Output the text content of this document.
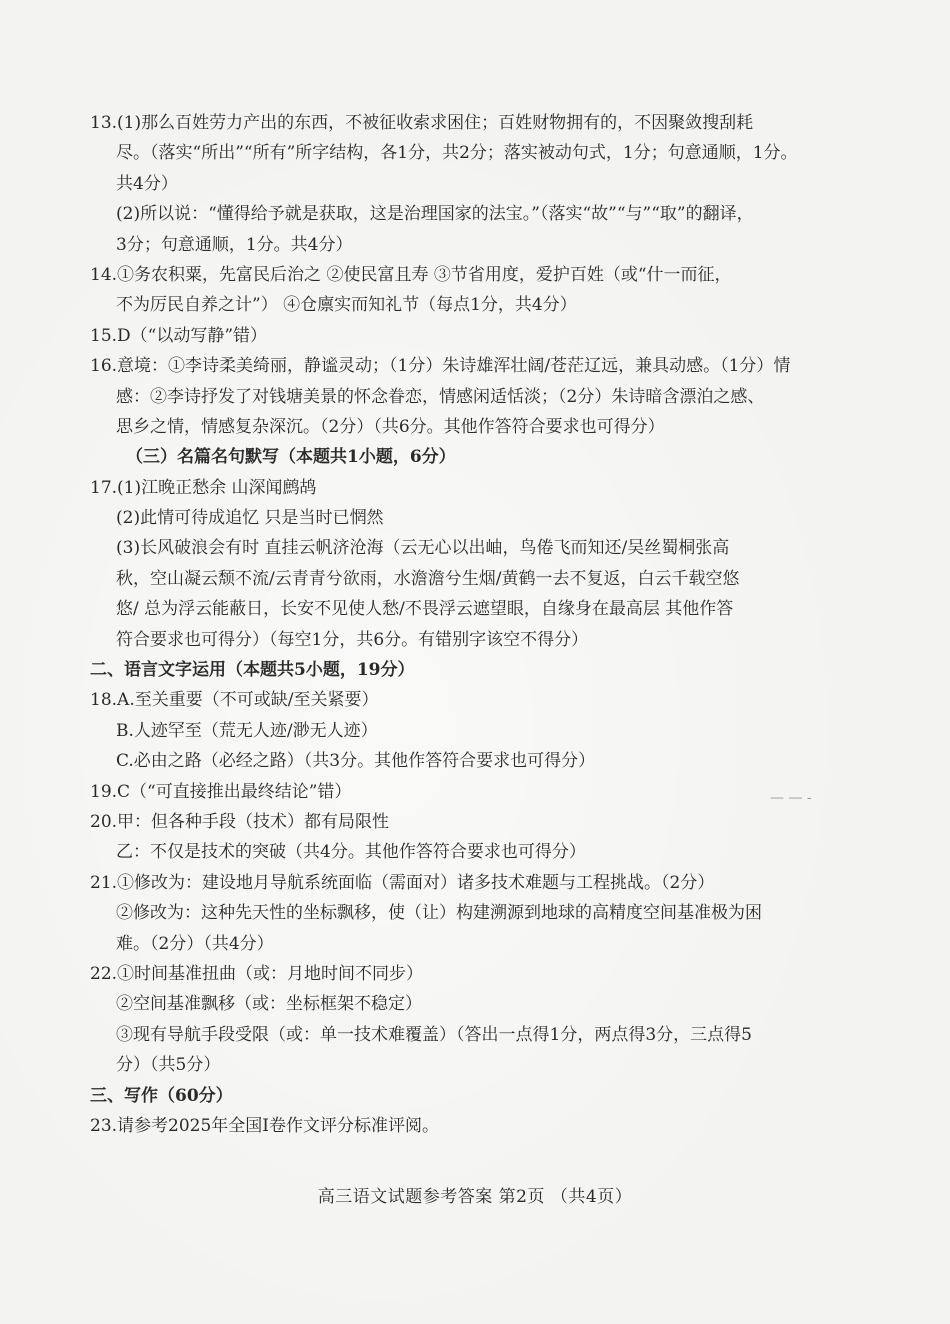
13.(1)那么百姓劳力产出的东西，不被征收索求困住；百姓财物拥有的，不因聚敛搜刮耗
尽。（落实“所出”“所有”所字结构，各1分，共2分；落实被动句式，1分；句意通顺，1分。
共4分）
(2)所以说：“懂得给予就是获取，这是治理国家的法宝。”（落实“故”“与”“取”的翻译，
3分；句意通顺，1分。共4分）
14.①务农积粟，先富民后治之 ②使民富且寿 ③节省用度，爱护百姓（或“什一而征，
不为厉民自养之计”） ④仓廪实而知礼节（每点1分，共4分）
15.D（“以动写静”错）
16.意境：①李诗柔美绮丽，静谧灵动；（1分）朱诗雄浑壮阔/苍茫辽远，兼具动感。（1分）情
感：②李诗抒发了对钱塘美景的怀念眷恋，情感闲适恬淡；（2分）朱诗暗含漂泊之感、
思乡之情，情感复杂深沉。（2分）（共6分。其他作答符合要求也可得分）
（三）名篇名句默写（本题共1小题，6分）
17.(1)江晚正愁余 山深闻鹧鸪
(2)此情可待成追忆 只是当时已惘然
(3)长风破浪会有时 直挂云帆济沧海（云无心以出岫，鸟倦飞而知还/吴丝蜀桐张高
秋，空山凝云颓不流/云青青兮欲雨，水澹澹兮生烟/黄鹤一去不复返，白云千载空悠
悠/ 总为浮云能蔽日，长安不见使人愁/不畏浮云遮望眼，自缘身在最高层 其他作答
符合要求也可得分）（每空1分，共6分。有错别字该空不得分）
二、语言文字运用（本题共5小题，19分）
18.A.至关重要（不可或缺/至关紧要）
B.人迹罕至（荒无人迹/渺无人迹）
C.必由之路（必经之路）（共3分。其他作答符合要求也可得分）
19.C（“可直接推出最终结论”错）
20.甲：但各种手段（技术）都有局限性
乙：不仅是技术的突破（共4分。其他作答符合要求也可得分）
21.①修改为：建设地月导航系统面临（需面对）诸多技术难题与工程挑战。（2分）
②修改为：这种先天性的坐标飘移，使（让）构建溯源到地球的高精度空间基准极为困
难。（2分）（共4分）
22.①时间基准扭曲（或：月地时间不同步）
②空间基准飘移（或：坐标框架不稳定）
③现有导航手段受限（或：单一技术难覆盖）（答出一点得1分，两点得3分，三点得5
分）（共5分）
三、写作（60分）
23.请参考2025年全国Ⅰ卷作文评分标准评阅。
— — -
高三语文试题参考答案 第2页 （共4页）
